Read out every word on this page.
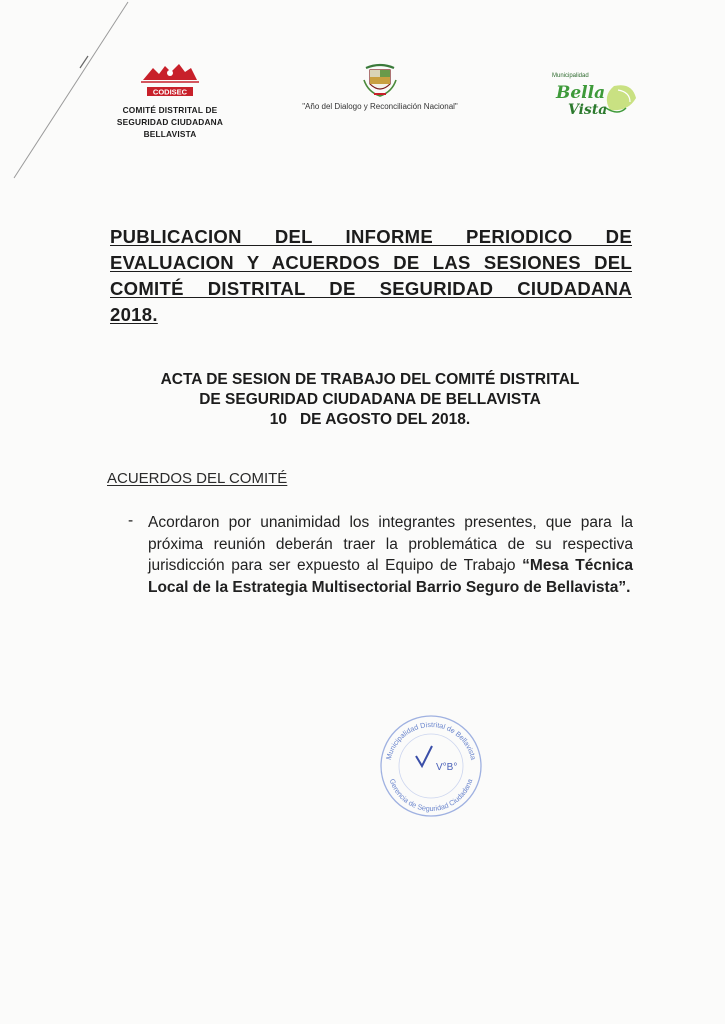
CODISEC
COMITÉ DISTRITAL DE
SEGURIDAD CIUDADANA
BELLAVISTA
"Año del Dialogo y Reconciliación Nacional"
Municipalidad
Bella
Vista
PUBLICACION DEL INFORME PERIODICO DE
EVALUACION Y ACUERDOS DE LAS SESIONES DEL
COMITÉ DISTRITAL DE SEGURIDAD CIUDADANA
2018.
ACTA DE SESION DE TRABAJO DEL COMITÉ DISTRITAL
DE SEGURIDAD CIUDADANA DE BELLAVISTA
10   DE AGOSTO DEL 2018.
ACUERDOS DEL COMITÉ
- Acordaron por unanimidad los integrantes presentes, que para la próxima reunión deberán traer la problemática de su respectiva jurisdicción para ser expuesto al Equipo de Trabajo “Mesa Técnica Local de la Estrategia Multisectorial Barrio Seguro de Bellavista”.
Municipalidad Distrital de Bellavista
Gerencia de Seguridad Ciudadana
V°B°
